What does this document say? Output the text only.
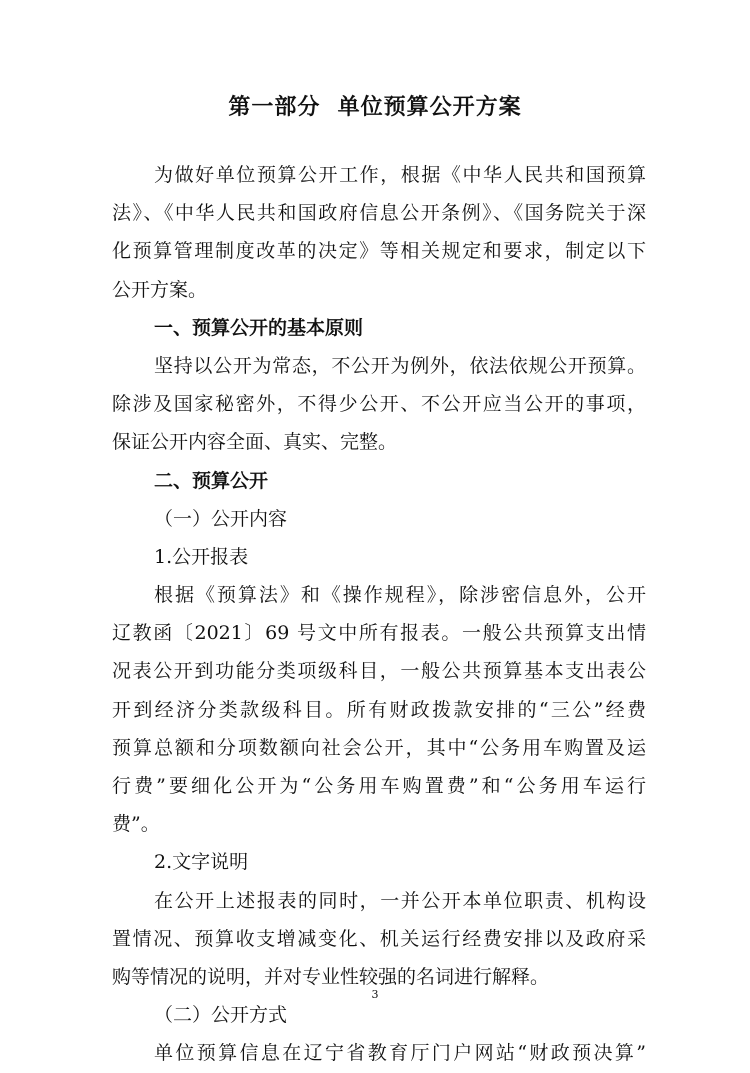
第一部分  单位预算公开方案
为做好单位预算公开工作，根据《中华人民共和国预算
法》、《中华人民共和国政府信息公开条例》、《国务院关于深
化预算管理制度改革的决定》等相关规定和要求，制定以下
公开方案。
一、预算公开的基本原则
坚持以公开为常态，不公开为例外，依法依规公开预算。
除涉及国家秘密外，不得少公开、不公开应当公开的事项，
保证公开内容全面、真实、完整。
二、预算公开
（一）公开内容
1.公开报表
根据《预算法》和《操作规程》，除涉密信息外，公开
辽教函〔2021〕69 号文中所有报表。一般公共预算支出情
况表公开到功能分类项级科目，一般公共预算基本支出表公
开到经济分类款级科目。所有财政拨款安排的“三公”经费
预算总额和分项数额向社会公开，其中“公务用车购置及运
行费”要细化公开为“公务用车购置费”和“公务用车运行
费”。
2.文字说明
在公开上述报表的同时，一并公开本单位职责、机构设
置情况、预算收支增减变化、机关运行经费安排以及政府采
购等情况的说明，并对专业性较强的名词进行解释。
（二）公开方式
单位预算信息在辽宁省教育厅门户网站“财政预决算”
3
